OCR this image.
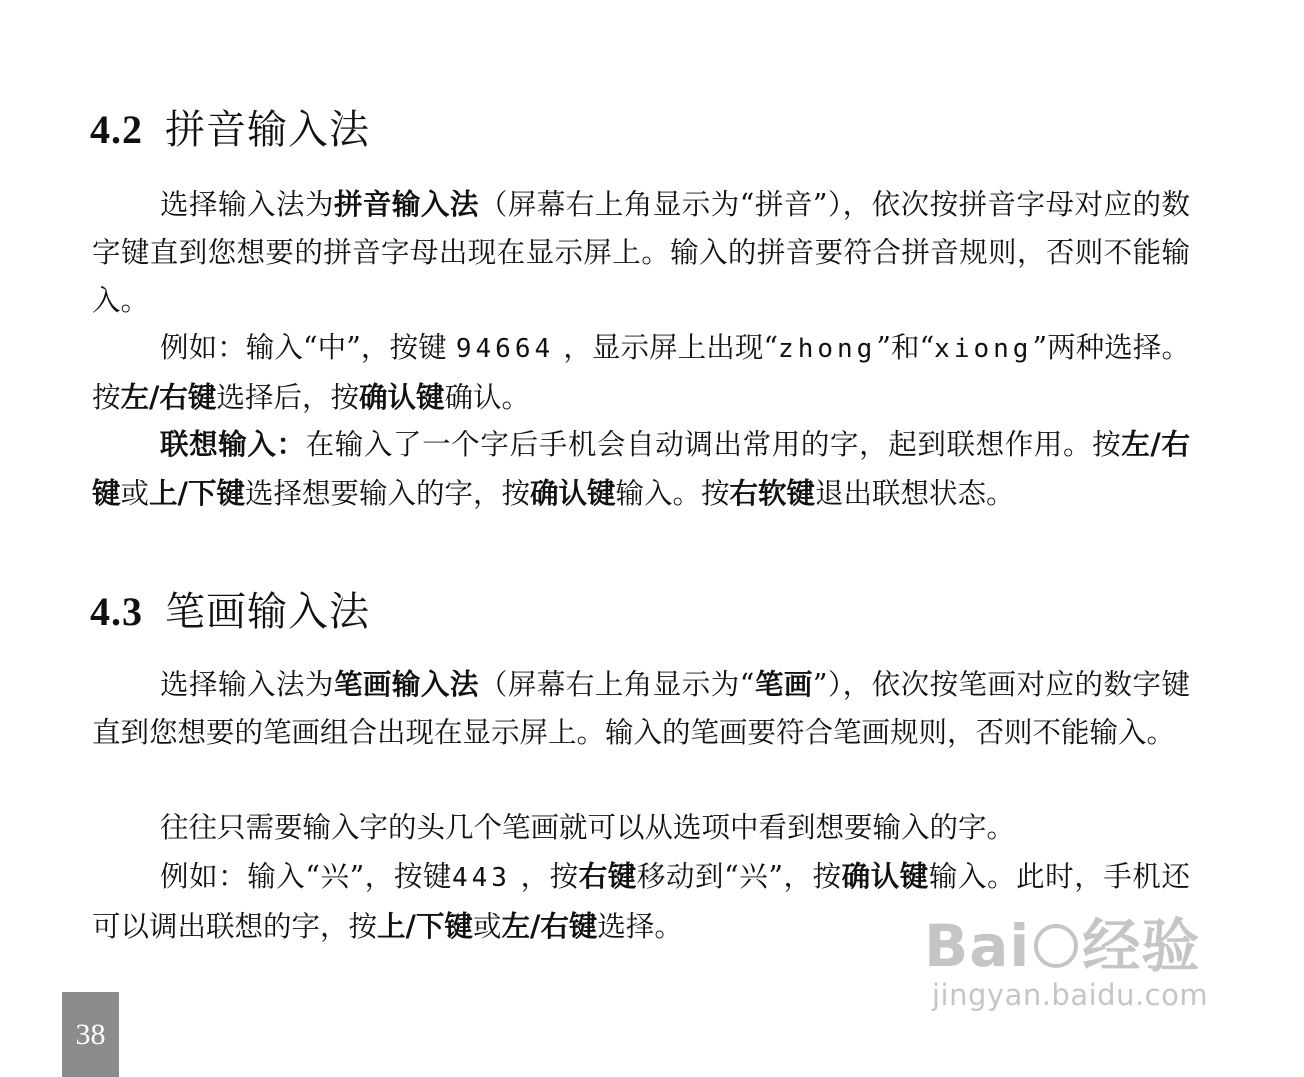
4.2 拼音输入法
选择输入法为拼音输入法（屏幕右上角显示为“拼音”），依次按拼音字母对应的数字键直到您想要的拼音字母出现在显示屏上。输入的拼音要符合拼音规则，否则不能输入。
例如：输入“中”，按键 94664 ，显示屏上出现“zhong”和“xiong”两种选择。按左/右键选择后，按确认键确认。
联想输入：在输入了一个字后手机会自动调出常用的字，起到联想作用。按左/右键或上/下键选择想要输入的字，按确认键输入。按右软键退出联想状态。
4.3 笔画输入法
选择输入法为笔画输入法（屏幕右上角显示为“笔画”），依次按笔画对应的数字键直到您想要的笔画组合出现在显示屏上。输入的笔画要符合笔画规则，否则不能输入。
往往只需要输入字的头几个笔画就可以从选项中看到想要输入的字。
例如：输入“兴”，按键443 ，按右键移动到“兴”，按确认键输入。此时，手机还可以调出联想的字，按上/下键或左/右键选择。
38
Bai 经验
jingyan.baidu.com
